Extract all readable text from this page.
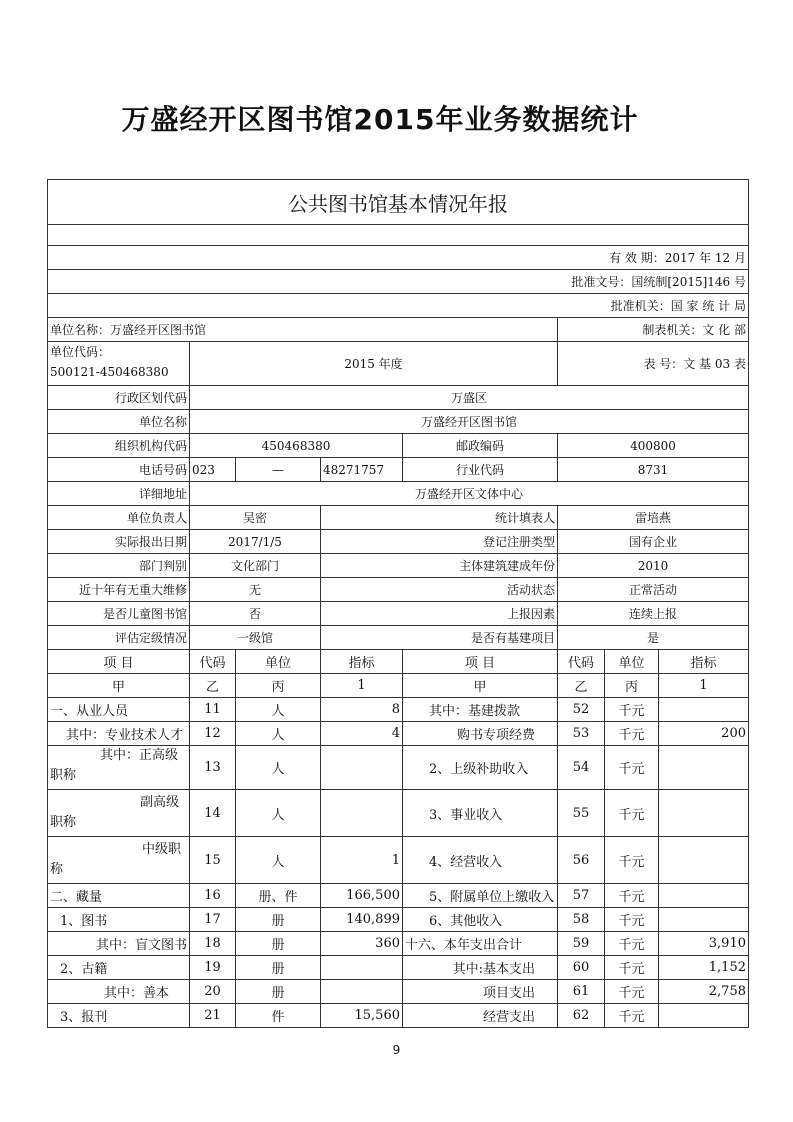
万盛经开区图书馆2015年业务数据统计
公共图书馆基本情况年报							

有 效 期：2017 年 12 月							
批准文号：国统制[2015]146 号							
批准机关：国 家 统 计 局							
单位名称：万盛经开区图书馆					制表机关：文 化 部		

单位代码：
500121-450468380	2015 年度				表 号：文 基 03 表		
行政区划代码	万盛区						
单位名称	万盛经开区图书馆						
组织机构代码	450468380			邮政编码	400800		
电话号码	023	—	48271757	行业代码	8731		
详细地址	万盛经开区文体中心						
单位负责人	吴密		统计填表人		雷培燕		
实际报出日期	2017/1/5		登记注册类型		国有企业		
部门判别	文化部门		主体建筑建成年份		2010		
近十年有无重大维修	无		活动状态		正常活动		
是否儿童图书馆	否		上报因素		连续上报		
评估定级情况	一级馆		是否有基建项目		是		
项 目	代码	单位	指标	项 目	代码	单位	指标
甲	乙	丙	1	甲	乙	丙	1
一、从业人员	11	人	8	其中：基建拨款	52	千元	
其中：专业技术人才	12	人	4	购书专项经费	53	千元	200
其中：正高级职称	13	人		2、上级补助收入	54	千元	
副高级职称	14	人		3、事业收入	55	千元	
中级职称	15	人	1	4、经营收入	56	千元	
二、藏量	16	册、件	166,500	5、附属单位上缴收入	57	千元	
1、图书	17	册	140,899	6、其他收入	58	千元	
其中：盲文图书	18	册	360	十六、本年支出合计	59	千元	3,910
2、古籍	19	册		其中:基本支出	60	千元	1,152
其中：善本	20	册		项目支出	61	千元	2,758
3、报刊	21	件	15,560	经营支出	62	千元	
9
